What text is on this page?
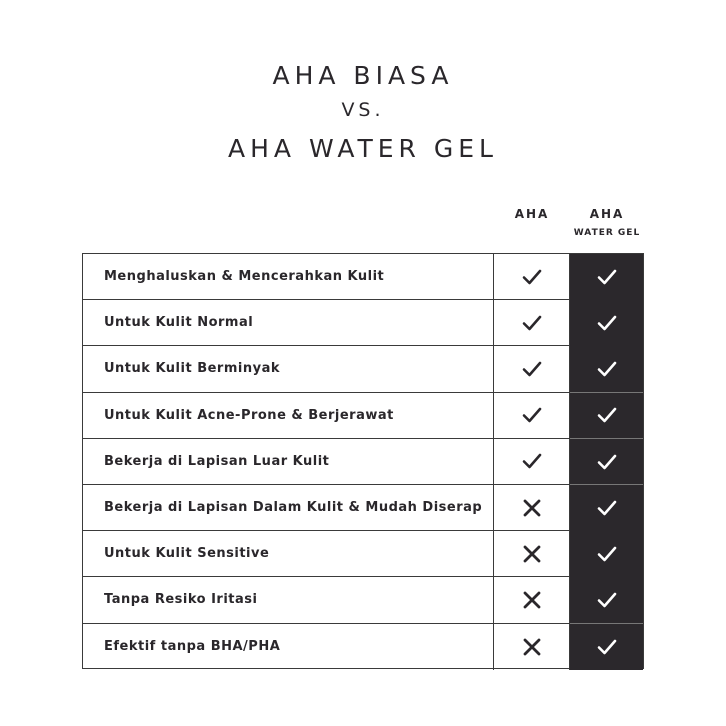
AHA BIASA
VS.
AHA WATER GEL
AHA	AHA
WATER GEL
Menghaluskan & Mencerahkan Kulit
Untuk Kulit Normal
Untuk Kulit Berminyak
Untuk Kulit Acne-Prone & Berjerawat
Bekerja di Lapisan Luar Kulit
Bekerja di Lapisan Dalam Kulit & Mudah Diserap
Untuk Kulit Sensitive
Tanpa Resiko Iritasi
Efektif tanpa BHA/PHA
